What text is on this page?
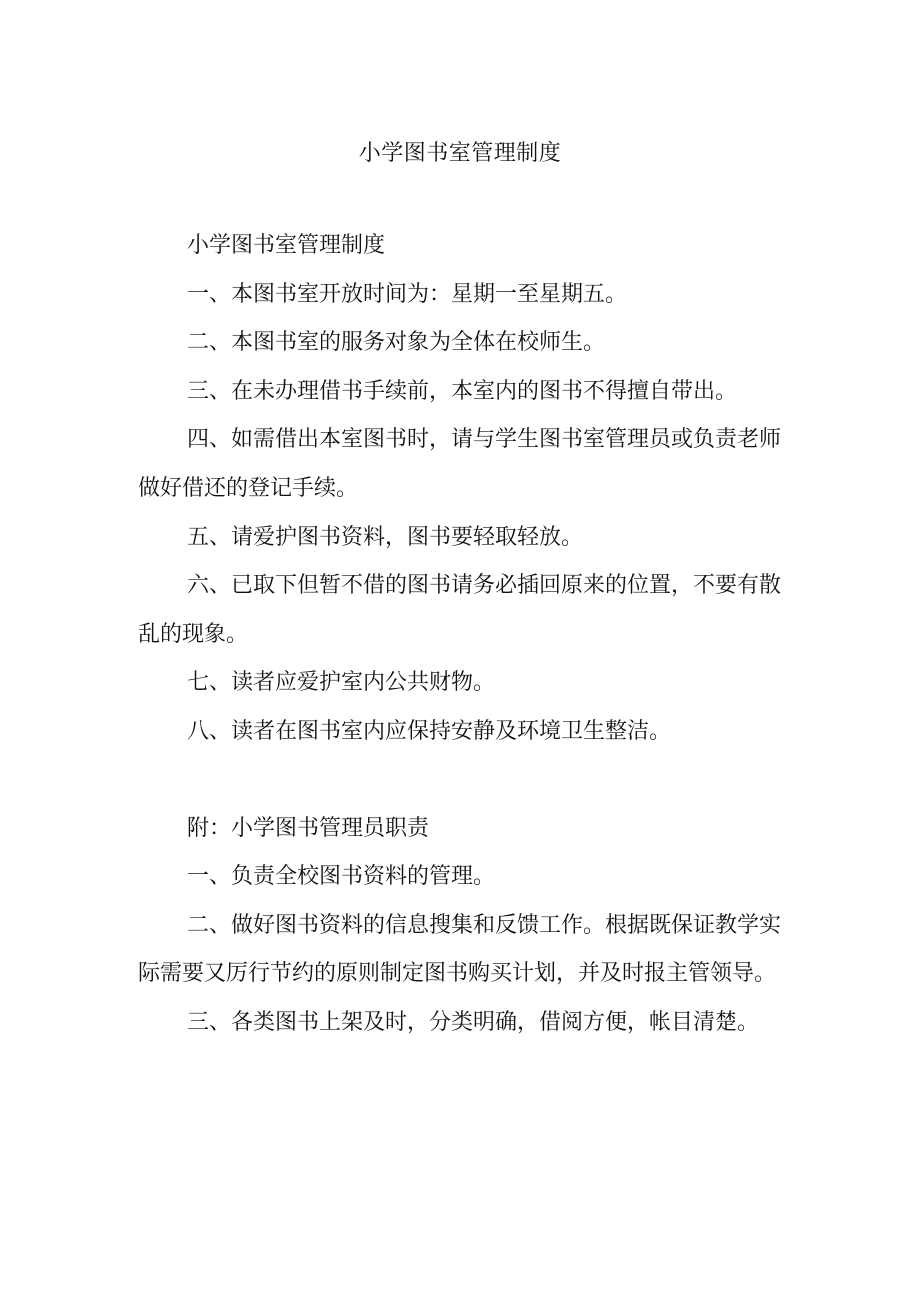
小学图书室管理制度

小学图书室管理制度

一、本图书室开放时间为：星期一至星期五。

二、本图书室的服务对象为全体在校师生。

三、在未办理借书手续前，本室内的图书不得擅自带出。

四、如需借出本室图书时，请与学生图书室管理员或负责老师做好借还的登记手续。

五、请爱护图书资料，图书要轻取轻放。

六、已取下但暂不借的图书请务必插回原来的位置，不要有散乱的现象。

七、读者应爱护室内公共财物。

八、读者在图书室内应保持安静及环境卫生整洁。

附：小学图书管理员职责

一、负责全校图书资料的管理。

二、做好图书资料的信息搜集和反馈工作。根据既保证教学实际需要又厉行节约的原则制定图书购买计划，并及时报主管领导。

三、各类图书上架及时，分类明确，借阅方便，帐目清楚。
